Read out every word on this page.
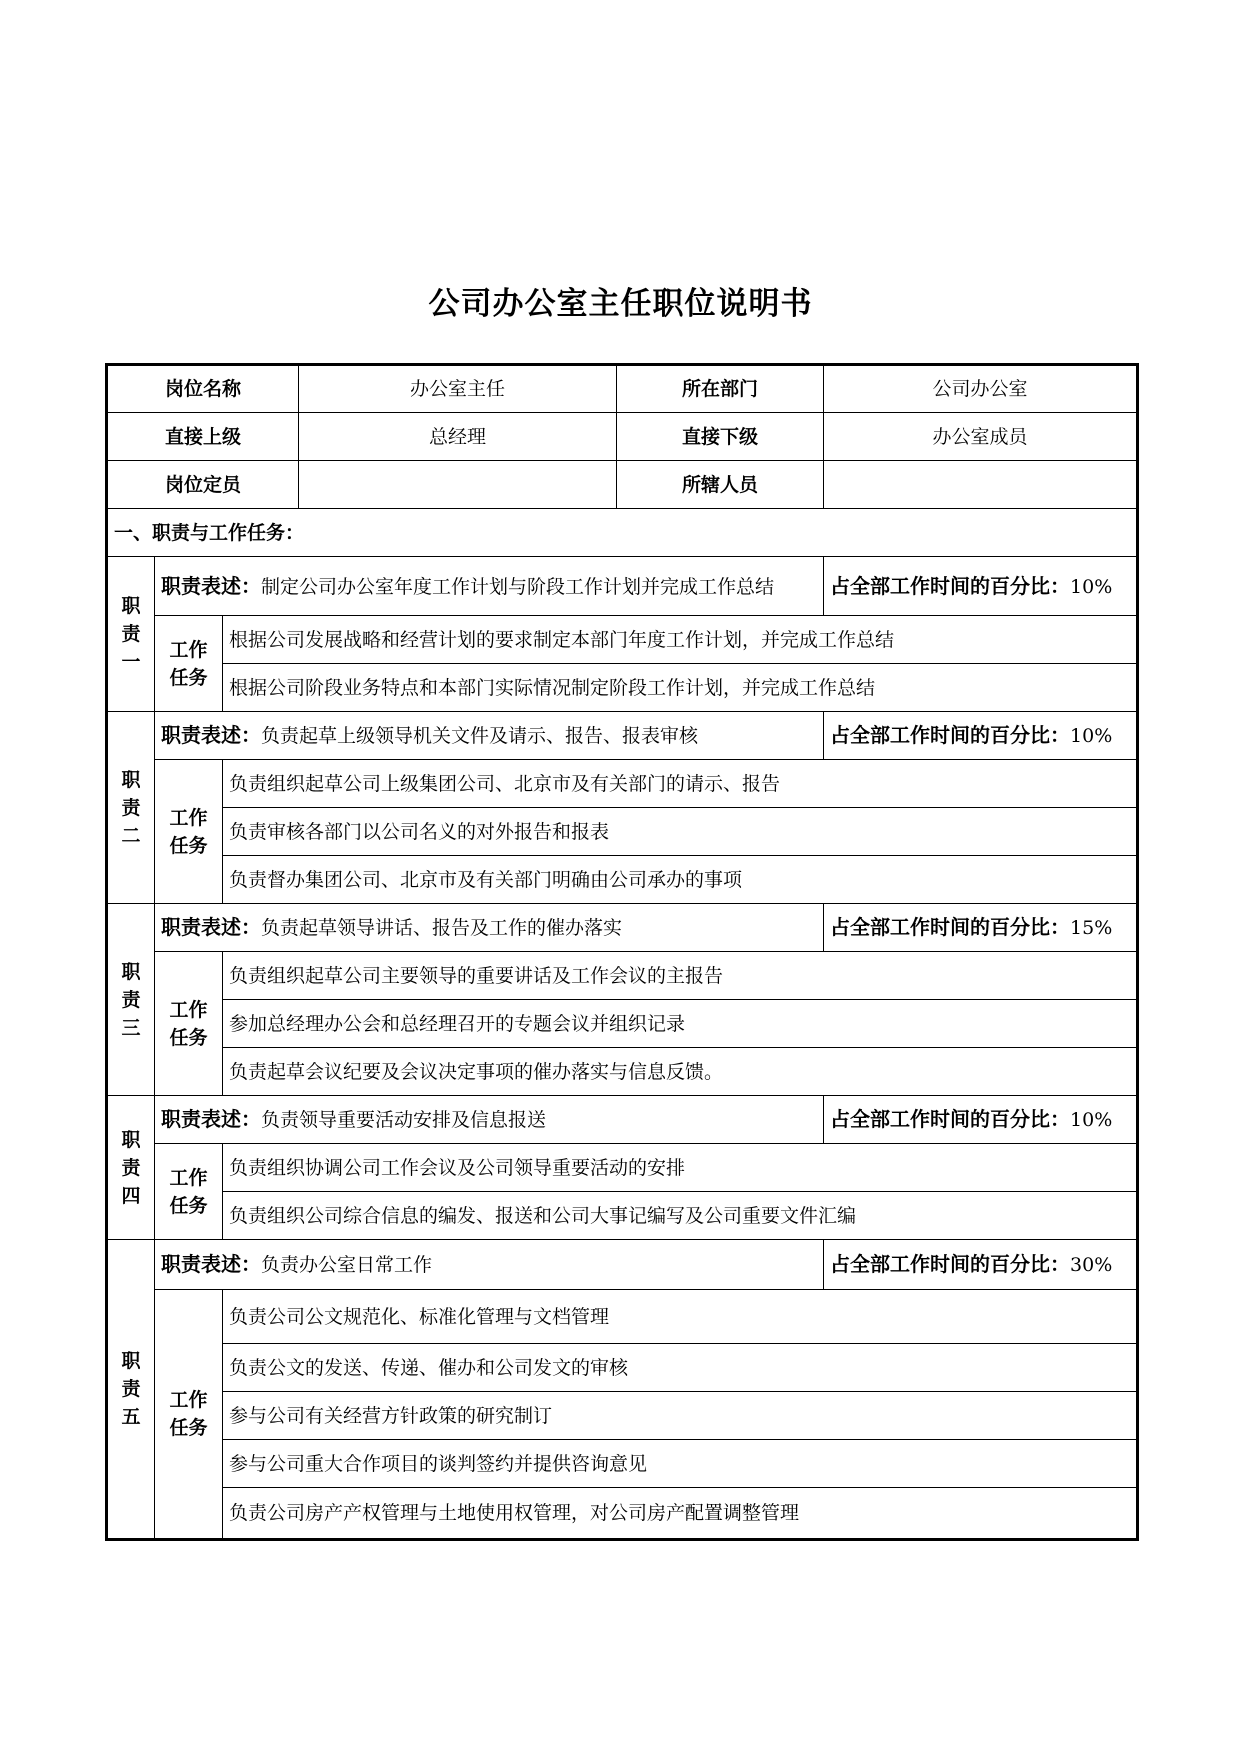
公司办公室主任职位说明书
岗位名称			办公室主任	所在部门	公司办公室
直接上级			总经理	直接下级	办公室成员
岗位定员				所辖人员	
一、职责与工作任务：					
职责一	职责表述：制定公司办公室年度工作计划与阶段工作计划并完成工作总结				占全部工作时间的百分比：10%
	工作任务	根据公司发展战略和经营计划的要求制定本部门年度工作计划，并完成工作总结			
		根据公司阶段业务特点和本部门实际情况制定阶段工作计划，并完成工作总结			
职责二	职责表述：负责起草上级领导机关文件及请示、报告、报表审核				占全部工作时间的百分比：10%
	工作任务	负责组织起草公司上级集团公司、北京市及有关部门的请示、报告			
		负责审核各部门以公司名义的对外报告和报表			
		负责督办集团公司、北京市及有关部门明确由公司承办的事项			
职责三	职责表述：负责起草领导讲话、报告及工作的催办落实				占全部工作时间的百分比：15%
	工作任务	负责组织起草公司主要领导的重要讲话及工作会议的主报告			
		参加总经理办公会和总经理召开的专题会议并组织记录			
		负责起草会议纪要及会议决定事项的催办落实与信息反馈。			
职责四	职责表述：负责领导重要活动安排及信息报送				占全部工作时间的百分比：10%
	工作任务	负责组织协调公司工作会议及公司领导重要活动的安排			
		负责组织公司综合信息的编发、报送和公司大事记编写及公司重要文件汇编			
职责五	职责表述：负责办公室日常工作				占全部工作时间的百分比：30%
	工作任务	负责公司公文规范化、标准化管理与文档管理			
		负责公文的发送、传递、催办和公司发文的审核			
		参与公司有关经营方针政策的研究制订			
		参与公司重大合作项目的谈判签约并提供咨询意见			
		负责公司房产产权管理与土地使用权管理，对公司房产配置调整管理			
